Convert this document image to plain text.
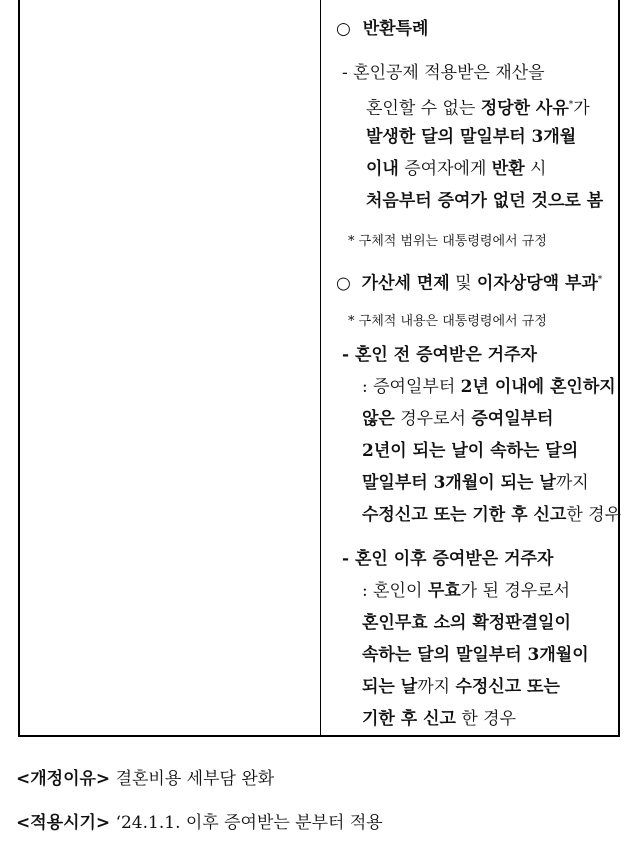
○ 반환특례
- 혼인공제 적용받은 재산을
혼인할 수 없는 정당한 사유*가
발생한 달의 말일부터 3개월
이내 증여자에게 반환 시
처음부터 증여가 없던 것으로 봄
* 구체적 범위는 대통령령에서 규정
○ 가산세 면제 및 이자상당액 부과*
* 구체적 내용은 대통령령에서 규정
- 혼인 전 증여받은 거주자
: 증여일부터 2년 이내에 혼인하지
않은 경우로서 증여일부터
2년이 되는 날이 속하는 달의
말일부터 3개월이 되는 날까지
수정신고 또는 기한 후 신고한 경우
- 혼인 이후 증여받은 거주자
: 혼인이 무효가 된 경우로서
혼인무효 소의 확정판결일이
속하는 달의 말일부터 3개월이
되는 날까지 수정신고 또는
기한 후 신고 한 경우
<개정이유> 결혼비용 세부담 완화
<적용시기> ‘24.1.1. 이후 증여받는 분부터 적용
